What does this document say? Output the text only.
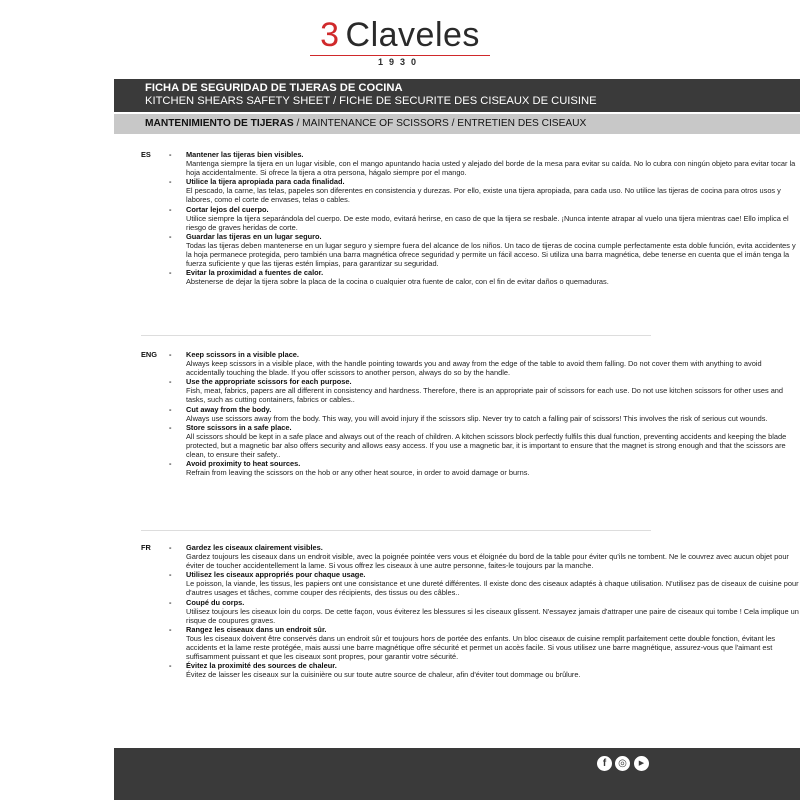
3 Claveles
1930
FICHA DE SEGURIDAD DE TIJERAS DE COCINA
KITCHEN SHEARS SAFETY SHEET / FICHE DE SECURITE DES CISEAUX DE CUISINE
MANTENIMIENTO DE TIJERAS / MAINTENANCE OF SCISSORS / ENTRETIEN DES CISEAUX
ES	Mantener las tijeras bien visibles.
Mantenga siempre la tijera en un lugar visible, con el mango apuntando hacia usted y alejado del borde de la mesa para evitar su caída. No lo cubra con ningún objeto para evitar tocar la hoja accidentalmente. Si ofrece la tijera a otra persona, hágalo siempre por el mango.
Utilice la tijera apropiada para cada finalidad.
El pescado, la carne, las telas, papeles son diferentes en consistencia y durezas. Por ello, existe una tijera apropiada, para cada uso. No utilice las tijeras de cocina para otros usos y labores, como el corte de envases, telas o cables.
Cortar lejos del cuerpo.
Utilice siempre la tijera separándola del cuerpo. De este modo, evitará herirse, en caso de que la tijera se resbale. ¡Nunca intente atrapar al vuelo una tijera mientras cae! Ello implica el riesgo de graves heridas de corte.
Guardar las tijeras en un lugar seguro.
Todas las tijeras deben mantenerse en un lugar seguro y siempre fuera del alcance de los niños. Un taco de tijeras de cocina cumple perfectamente esta doble función, evita accidentes y la hoja permanece protegida, pero también una barra magnética ofrece seguridad y permite un fácil acceso. Si utiliza una barra magnética, debe tenerse en cuenta que el imán tenga la fuerza suficiente y que las tijeras estén limpias, para garantizar su seguridad.
Evitar la proximidad a fuentes de calor.
Abstenerse de dejar la tijera sobre la placa de la cocina o cualquier otra fuente de calor, con el fin de evitar daños o quemaduras.
-
-
-
-
-
ENG	Keep scissors in a visible place.
Always keep scissors in a visible place, with the handle pointing towards you and away from the edge of the table to avoid them falling. Do not cover them with anything to avoid accidentally touching the blade. If you offer scissors to another person, always do so by the handle.
Use the appropriate scissors for each purpose.
Fish, meat, fabrics, papers are all different in consistency and hardness. Therefore, there is an appropriate pair of scissors for each use. Do not use kitchen scissors for other uses and tasks, such as cutting containers, fabrics or cables..
Cut away from the body.
Always use scissors away from the body. This way, you will avoid injury if the scissors slip. Never try to catch a falling pair of scissors! This involves the risk of serious cut wounds.
Store scissors in a safe place.
All scissors should be kept in a safe place and always out of the reach of children. A kitchen scissors block perfectly fulfils this dual function, preventing accidents and keeping the blade protected, but a magnetic bar also offers security and allows easy access. If you use a magnetic bar, it is important to ensure that the magnet is strong enough and that the scissors are clean, to ensure their safety..
Avoid proximity to heat sources.
Refrain from leaving the scissors on the hob or any other heat source, in order to avoid damage or burns.
-
-
-
-
-
FR	Gardez les ciseaux clairement visibles.
Gardez toujours les ciseaux dans un endroit visible, avec la poignée pointée vers vous et éloignée du bord de la table pour éviter qu'ils ne tombent. Ne le couvrez avec aucun objet pour éviter de toucher accidentellement la lame. Si vous offrez les ciseaux à une autre personne, faites-le toujours par la manche.
Utilisez les ciseaux appropriés pour chaque usage.
Le poisson, la viande, les tissus, les papiers ont une consistance et une dureté différentes. Il existe donc des ciseaux adaptés à chaque utilisation. N'utilisez pas de ciseaux de cuisine pour d'autres usages et tâches, comme couper des récipients, des tissus ou des câbles..
Coupé du corps.
Utilisez toujours les ciseaux loin du corps. De cette façon, vous éviterez les blessures si les ciseaux glissent. N'essayez jamais d'attraper une paire de ciseaux qui tombe ! Cela implique un risque de coupures graves.
Rangez les ciseaux dans un endroit sûr.
Tous les ciseaux doivent être conservés dans un endroit sûr et toujours hors de portée des enfants. Un bloc ciseaux de cuisine remplit parfaitement cette double fonction, évitant les accidents et la lame reste protégée, mais aussi une barre magnétique offre sécurité et permet un accès facile. Si vous utilisez une barre magnétique, assurez-vous que l'aimant est suffisamment puissant et que les ciseaux sont propres, pour garantir votre sécurité.
Évitez la proximité des sources de chaleur.
Évitez de laisser les ciseaux sur la cuisinière ou sur toute autre source de chaleur, afin d'éviter tout dommage ou brûlure.
-
-
-
-
-
f	◎	▶
